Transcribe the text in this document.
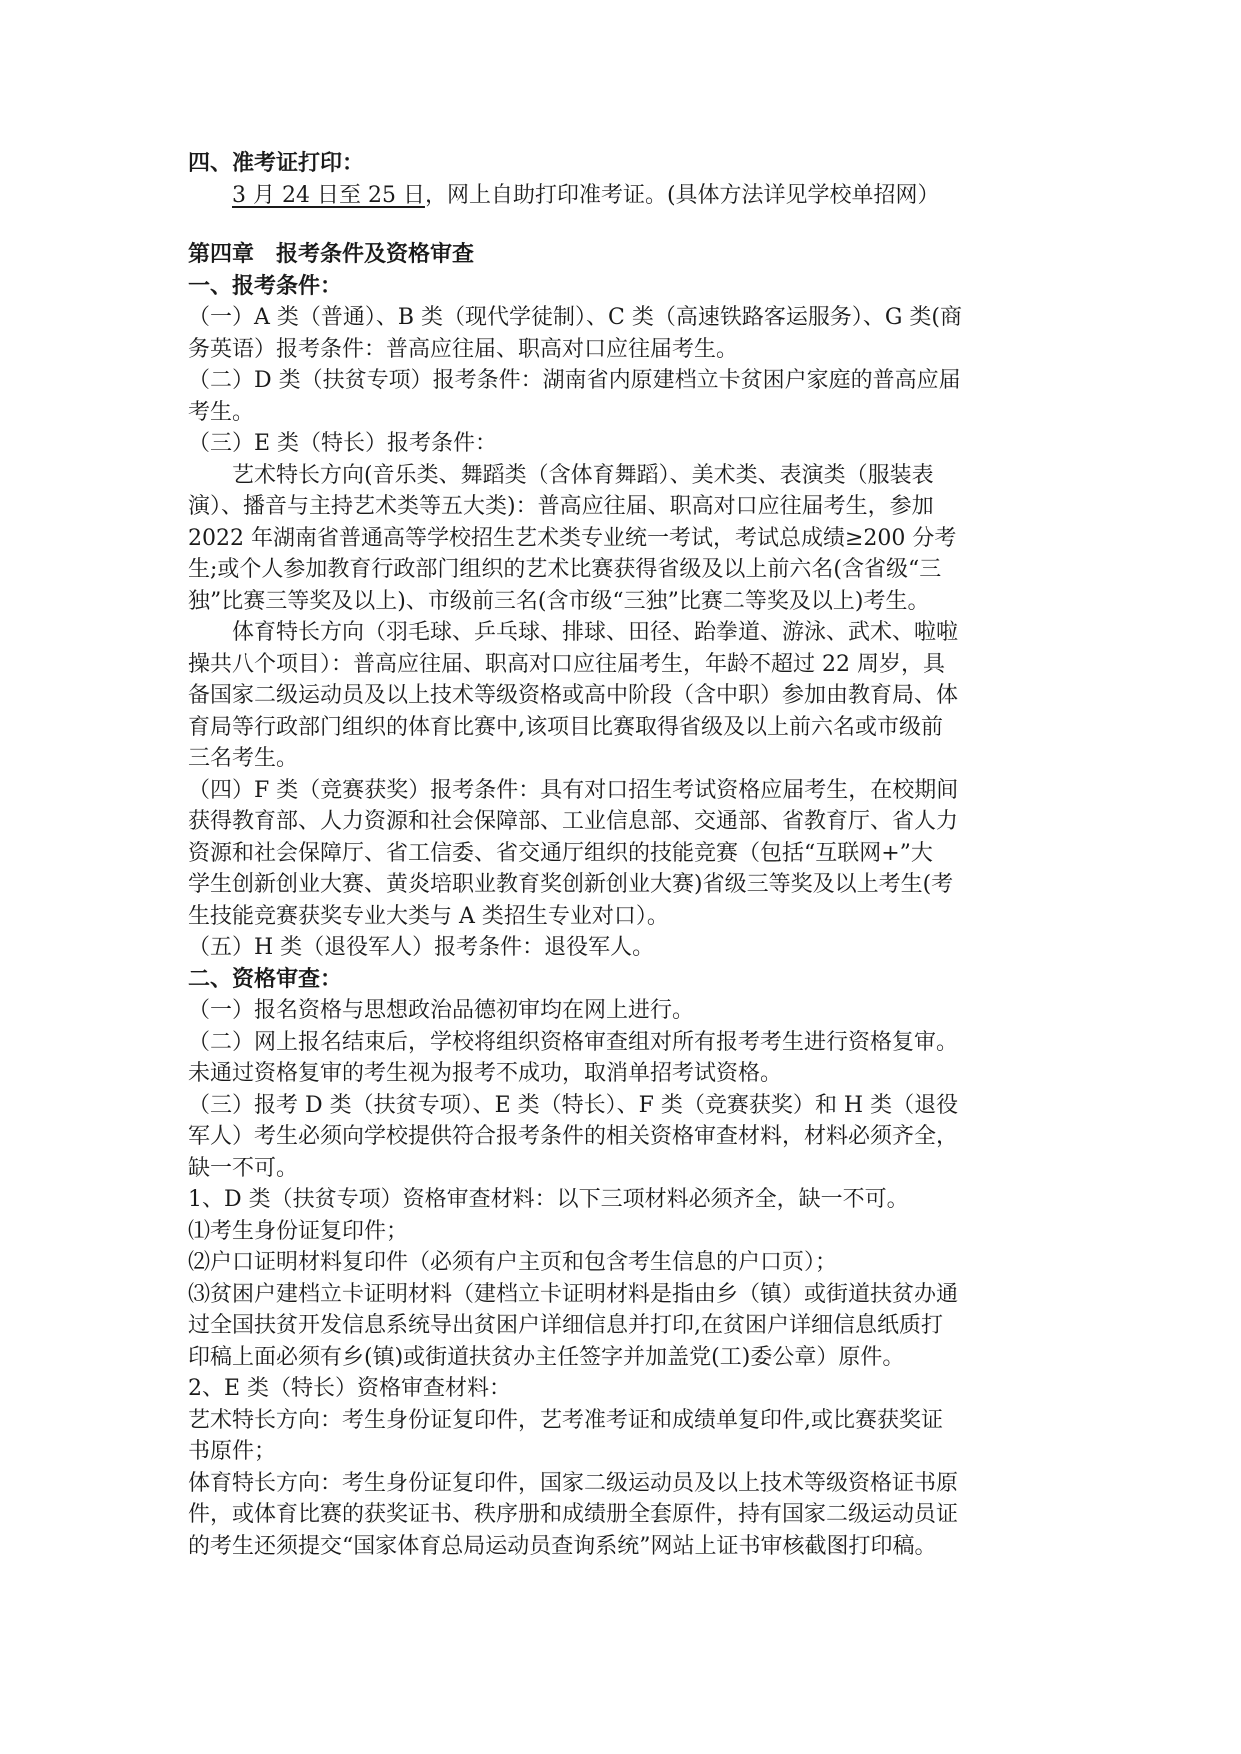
四、准考证打印：
3 月 24 日至 25 日，网上自助打印准考证。(具体方法详见学校单招网）
第四章　报考条件及资格审查
一、报考条件：
（一）A 类（普通）、B 类（现代学徒制）、C 类（高速铁路客运服务）、G 类(商
务英语）报考条件：普高应往届、职高对口应往届考生。
（二）D 类（扶贫专项）报考条件：湖南省内原建档立卡贫困户家庭的普高应届
考生。
（三）E 类（特长）报考条件：
艺术特长方向(音乐类、舞蹈类（含体育舞蹈）、美术类、表演类（服装表
演）、播音与主持艺术类等五大类)：普高应往届、职高对口应往届考生，参加
2022 年湖南省普通高等学校招生艺术类专业统一考试，考试总成绩≥200 分考
生;或个人参加教育行政部门组织的艺术比赛获得省级及以上前六名(含省级“三
独”比赛三等奖及以上)、市级前三名(含市级“三独”比赛二等奖及以上)考生。
体育特长方向（羽毛球、乒乓球、排球、田径、跆拳道、游泳、武术、啦啦
操共八个项目）：普高应往届、职高对口应往届考生，年龄不超过 22 周岁，具
备国家二级运动员及以上技术等级资格或高中阶段（含中职）参加由教育局、体
育局等行政部门组织的体育比赛中,该项目比赛取得省级及以上前六名或市级前
三名考生。
（四）F 类（竞赛获奖）报考条件：具有对口招生考试资格应届考生，在校期间
获得教育部、人力资源和社会保障部、工业信息部、交通部、省教育厅、省人力
资源和社会保障厅、省工信委、省交通厅组织的技能竞赛（包括“互联网+”大
学生创新创业大赛、黄炎培职业教育奖创新创业大赛)省级三等奖及以上考生(考
生技能竞赛获奖专业大类与 A 类招生专业对口）。
（五）H 类（退役军人）报考条件：退役军人。
二、资格审查：
（一）报名资格与思想政治品德初审均在网上进行。
（二）网上报名结束后，学校将组织资格审查组对所有报考考生进行资格复审。
未通过资格复审的考生视为报考不成功，取消单招考试资格。
（三）报考 D 类（扶贫专项）、E 类（特长）、F 类（竞赛获奖）和 H 类（退役
军人）考生必须向学校提供符合报考条件的相关资格审查材料，材料必须齐全，
缺一不可。
1、D 类（扶贫专项）资格审查材料：以下三项材料必须齐全，缺一不可。
⑴考生身份证复印件；
⑵户口证明材料复印件（必须有户主页和包含考生信息的户口页）；
⑶贫困户建档立卡证明材料（建档立卡证明材料是指由乡（镇）或街道扶贫办通
过全国扶贫开发信息系统导出贫困户详细信息并打印,在贫困户详细信息纸质打
印稿上面必须有乡(镇)或街道扶贫办主任签字并加盖党(工)委公章）原件。
2、E 类（特长）资格审查材料：
艺术特长方向：考生身份证复印件，艺考准考证和成绩单复印件,或比赛获奖证
书原件；
体育特长方向：考生身份证复印件，国家二级运动员及以上技术等级资格证书原
件，或体育比赛的获奖证书、秩序册和成绩册全套原件，持有国家二级运动员证
的考生还须提交“国家体育总局运动员查询系统”网站上证书审核截图打印稿。
